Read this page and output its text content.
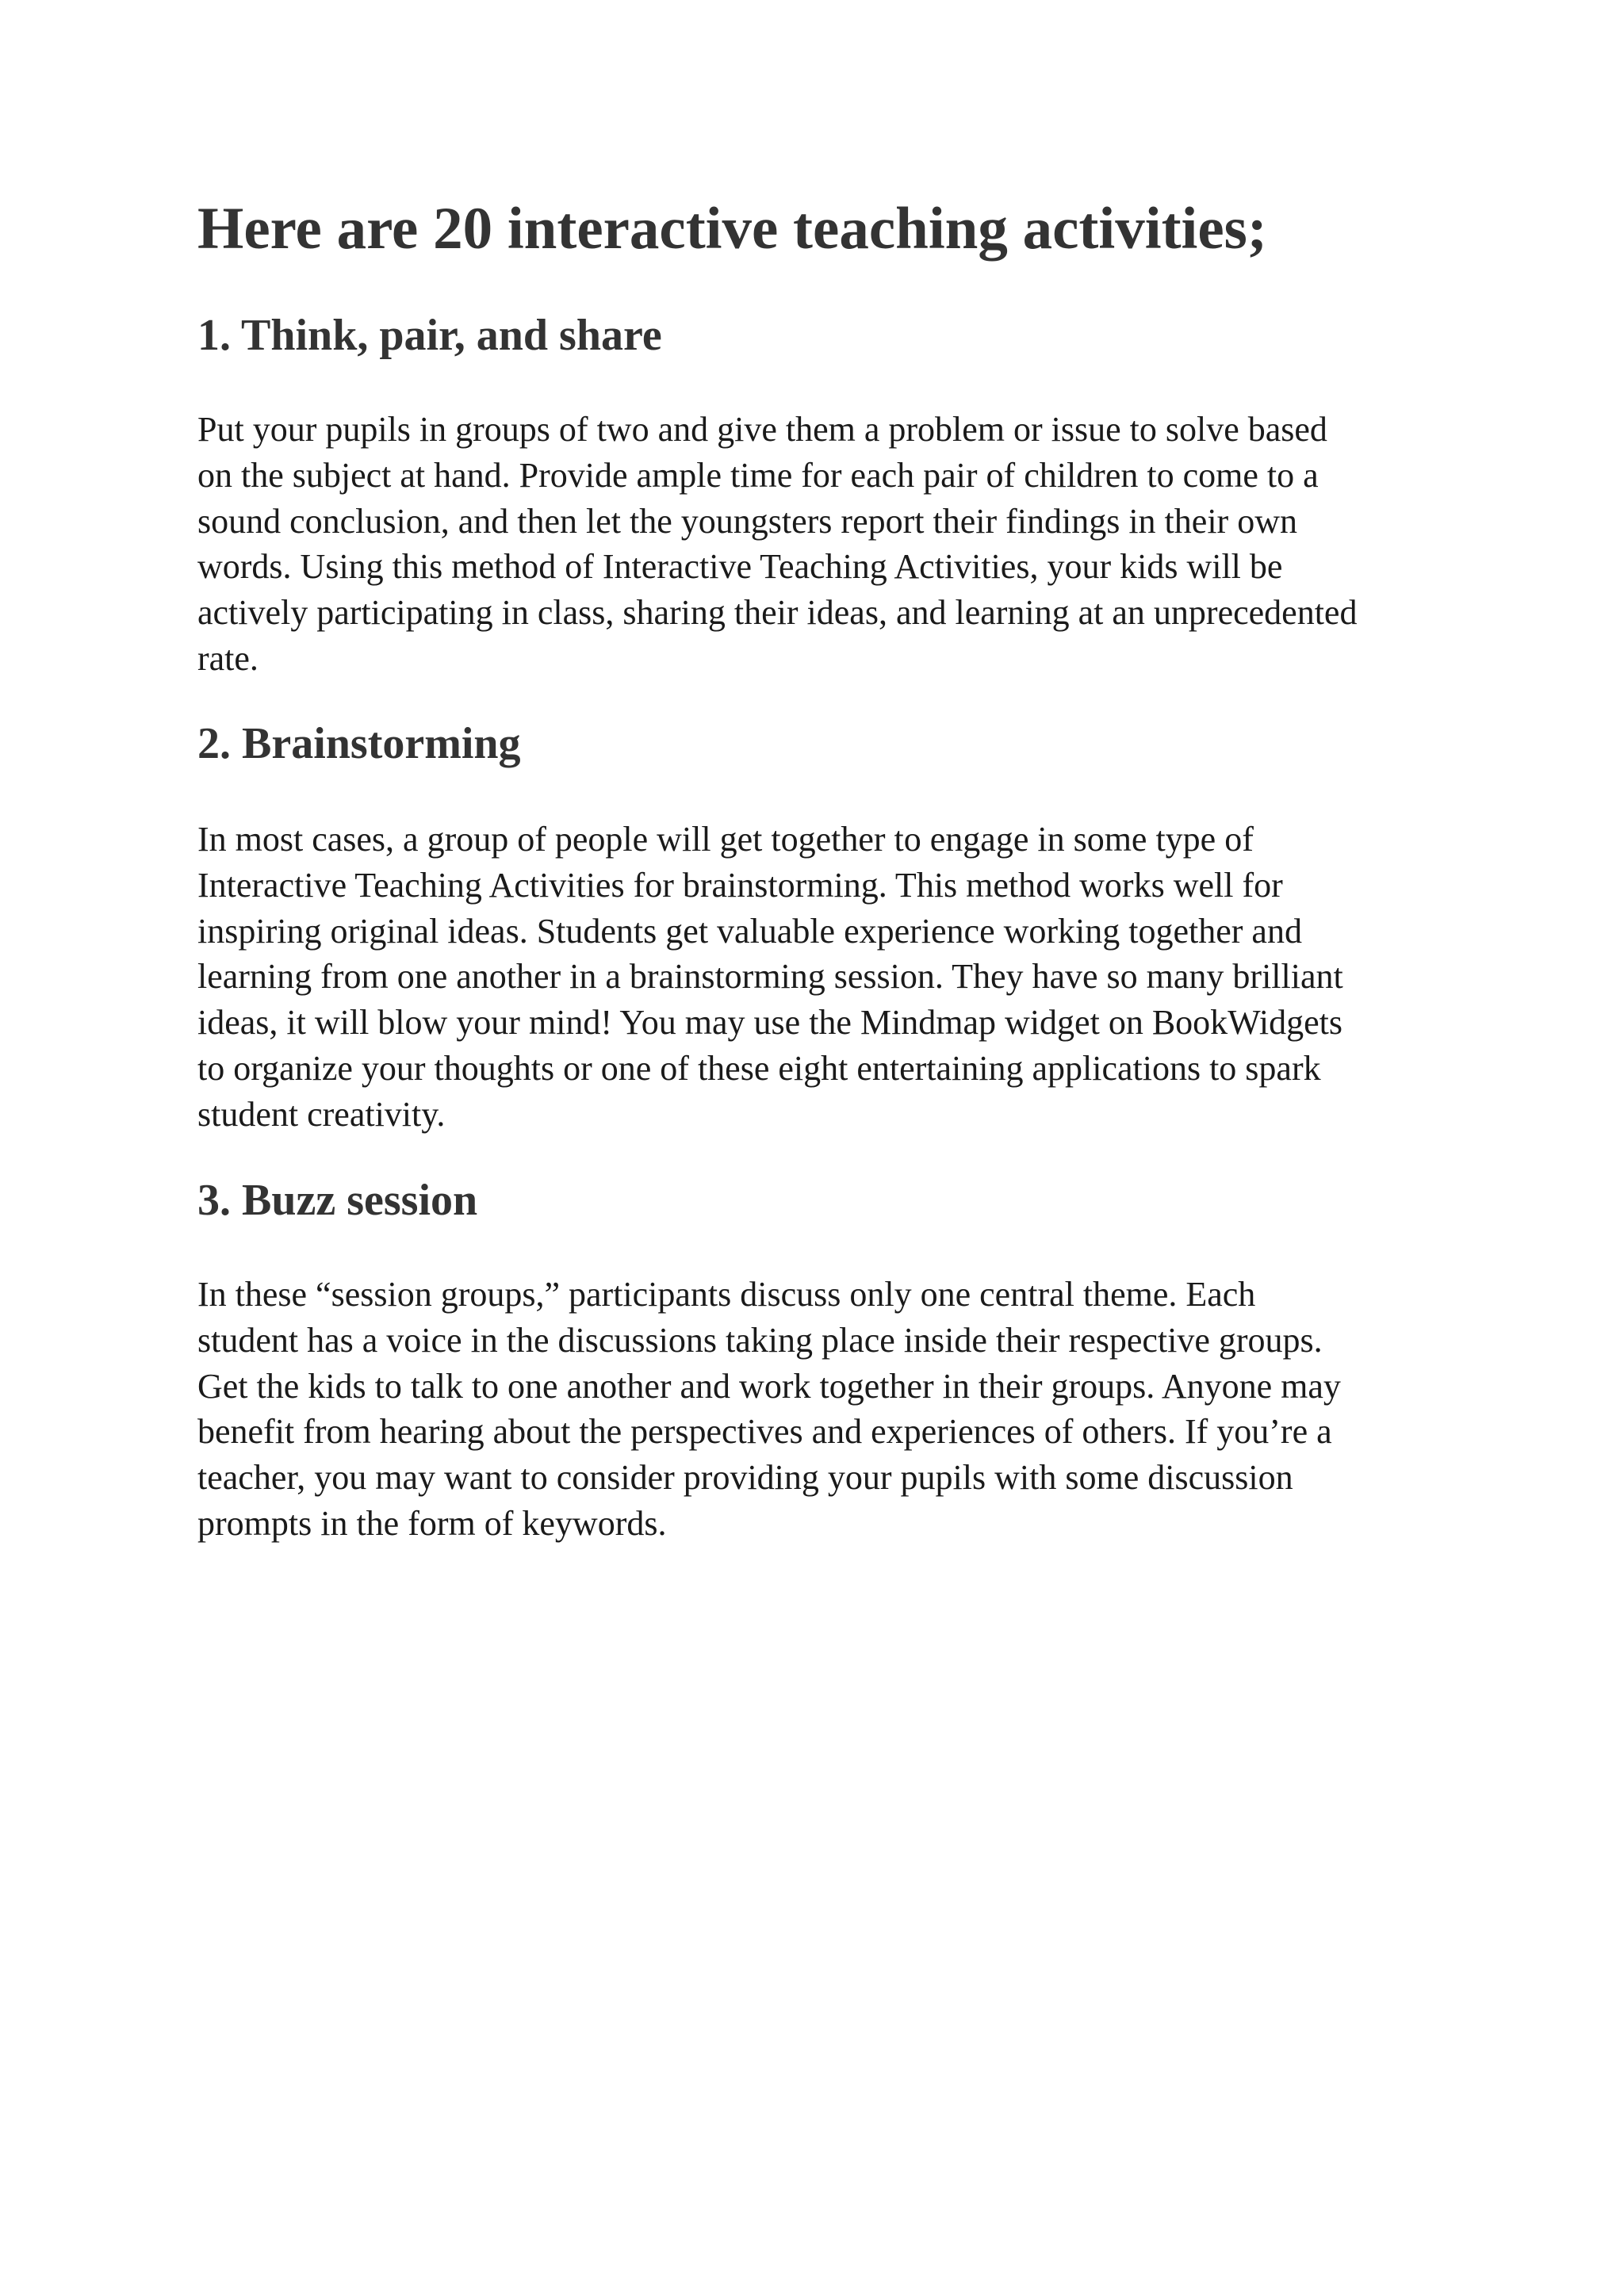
Here are 20 interactive teaching activities;
1. Think, pair, and share

Put your pupils in groups of two and give them a problem or issue to solve based
on the subject at hand. Provide ample time for each pair of children to come to a
sound conclusion, and then let the youngsters report their findings in their own
words. Using this method of Interactive Teaching Activities, your kids will be
actively participating in class, sharing their ideas, and learning at an unprecedented
rate.

2. Brainstorming

In most cases, a group of people will get together to engage in some type of
Interactive Teaching Activities for brainstorming. This method works well for
inspiring original ideas. Students get valuable experience working together and
learning from one another in a brainstorming session. They have so many brilliant
ideas, it will blow your mind! You may use the Mindmap widget on BookWidgets
to organize your thoughts or one of these eight entertaining applications to spark
student creativity.

3. Buzz session

In these “session groups,” participants discuss only one central theme. Each
student has a voice in the discussions taking place inside their respective groups.
Get the kids to talk to one another and work together in their groups. Anyone may
benefit from hearing about the perspectives and experiences of others. If you’re a
teacher, you may want to consider providing your pupils with some discussion
prompts in the form of keywords.
